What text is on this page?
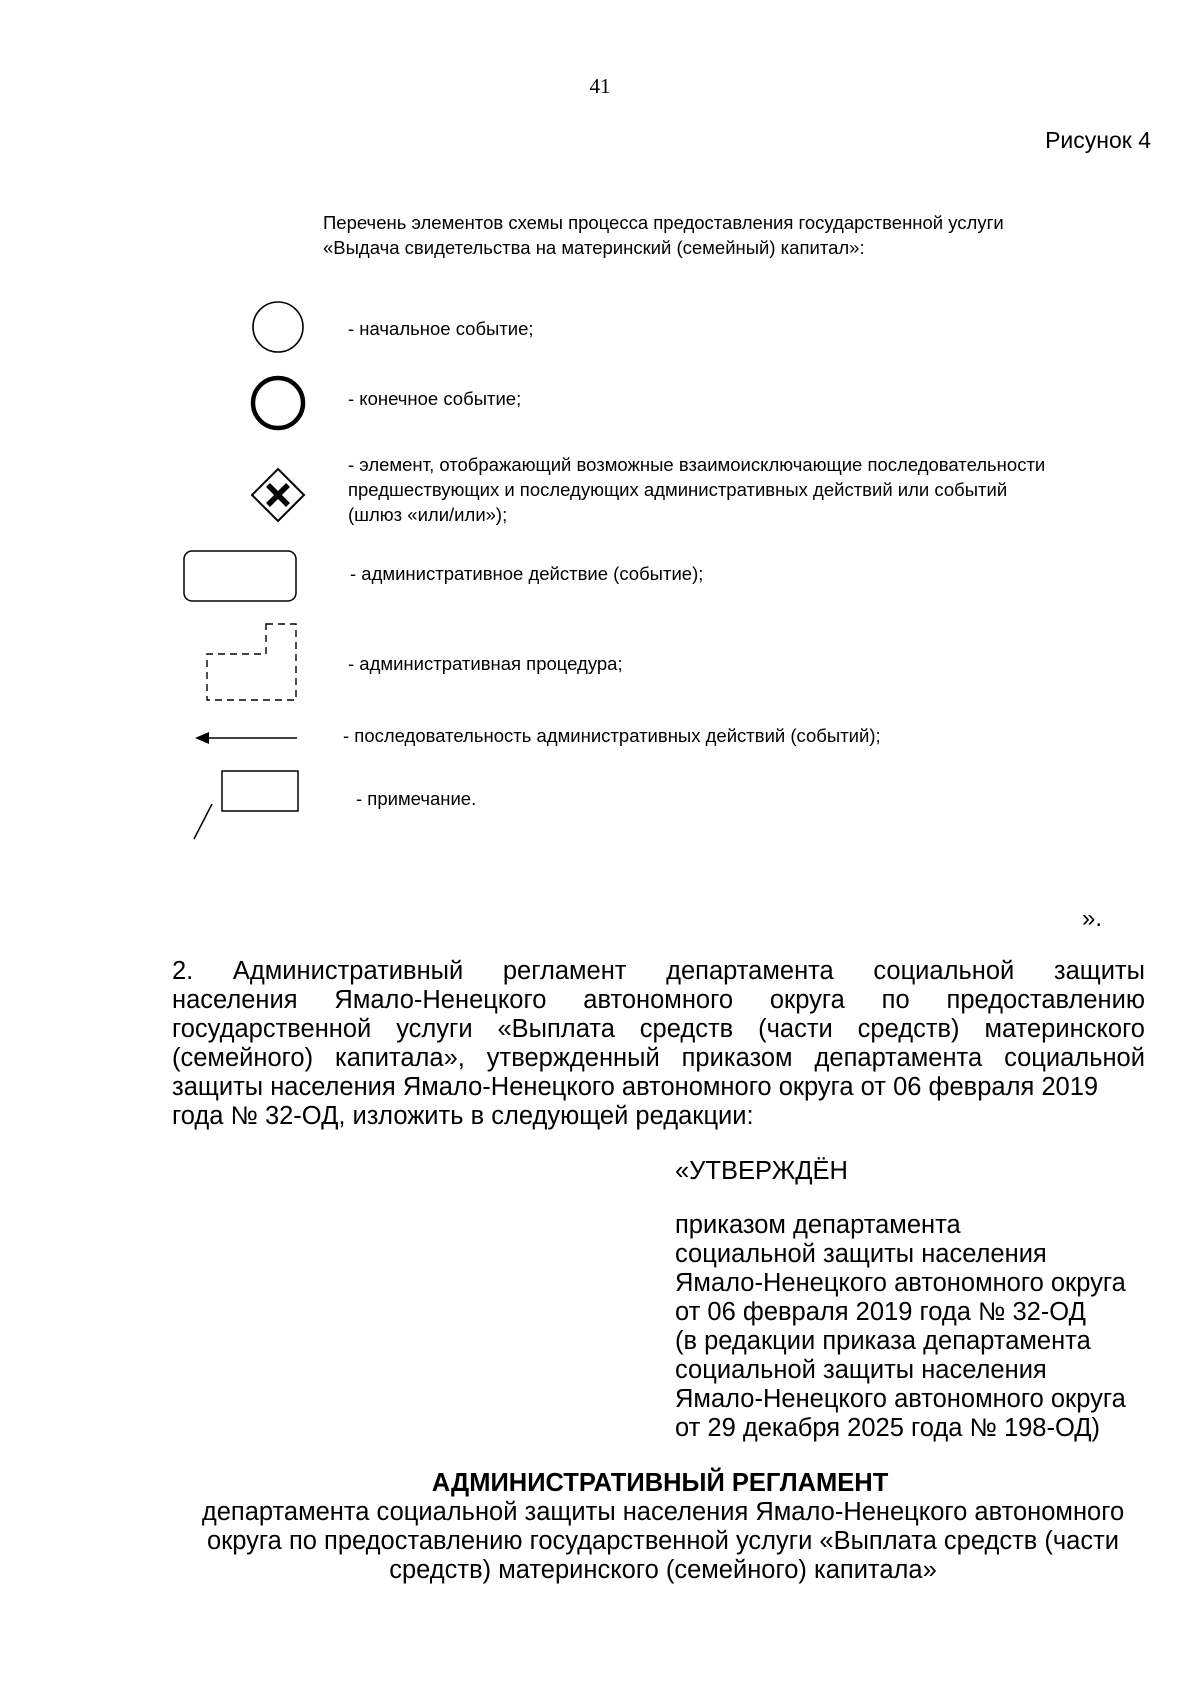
41
Рисунок 4
Перечень элементов схемы процесса предоставления государственной услуги
«Выдача свидетельства на материнский (семейный) капитал»:
- начальное событие;
- конечное событие;
- элемент, отображающий возможные взаимоисключающие последовательности
предшествующих и последующих административных действий или событий
(шлюз «или/или»);
- административное действие (событие);
- административная процедура;
- последовательность административных действий (событий);
- примечание.
».

2. Административный регламент департамента социальной защиты

населения Ямало-Ненецкого автономного округа по предоставлению

государственной услуги «Выплата средств (части средств) материнского

(семейного) капитала», утвержденный приказом департамента социальной

защиты населения Ямало-Ненецкого автономного округа от 06 февраля 2019

года № 32-ОД, изложить в следующей редакции:

«УТВЕРЖДЁН
приказом департамента
социальной защиты населения
Ямало-Ненецкого автономного округа
от 06 февраля 2019 года № 32-ОД
(в редакции приказа департамента
социальной защиты населения
Ямало-Ненецкого автономного округа
от 29 декабря 2025 года № 198-ОД)
АДМИНИСТРАТИВНЫЙ РЕГЛАМЕНТ
департамента социальной защиты населения Ямало-Ненецкого автономного
округа по предоставлению государственной услуги «Выплата средств (части
средств) материнского (семейного) капитала»
